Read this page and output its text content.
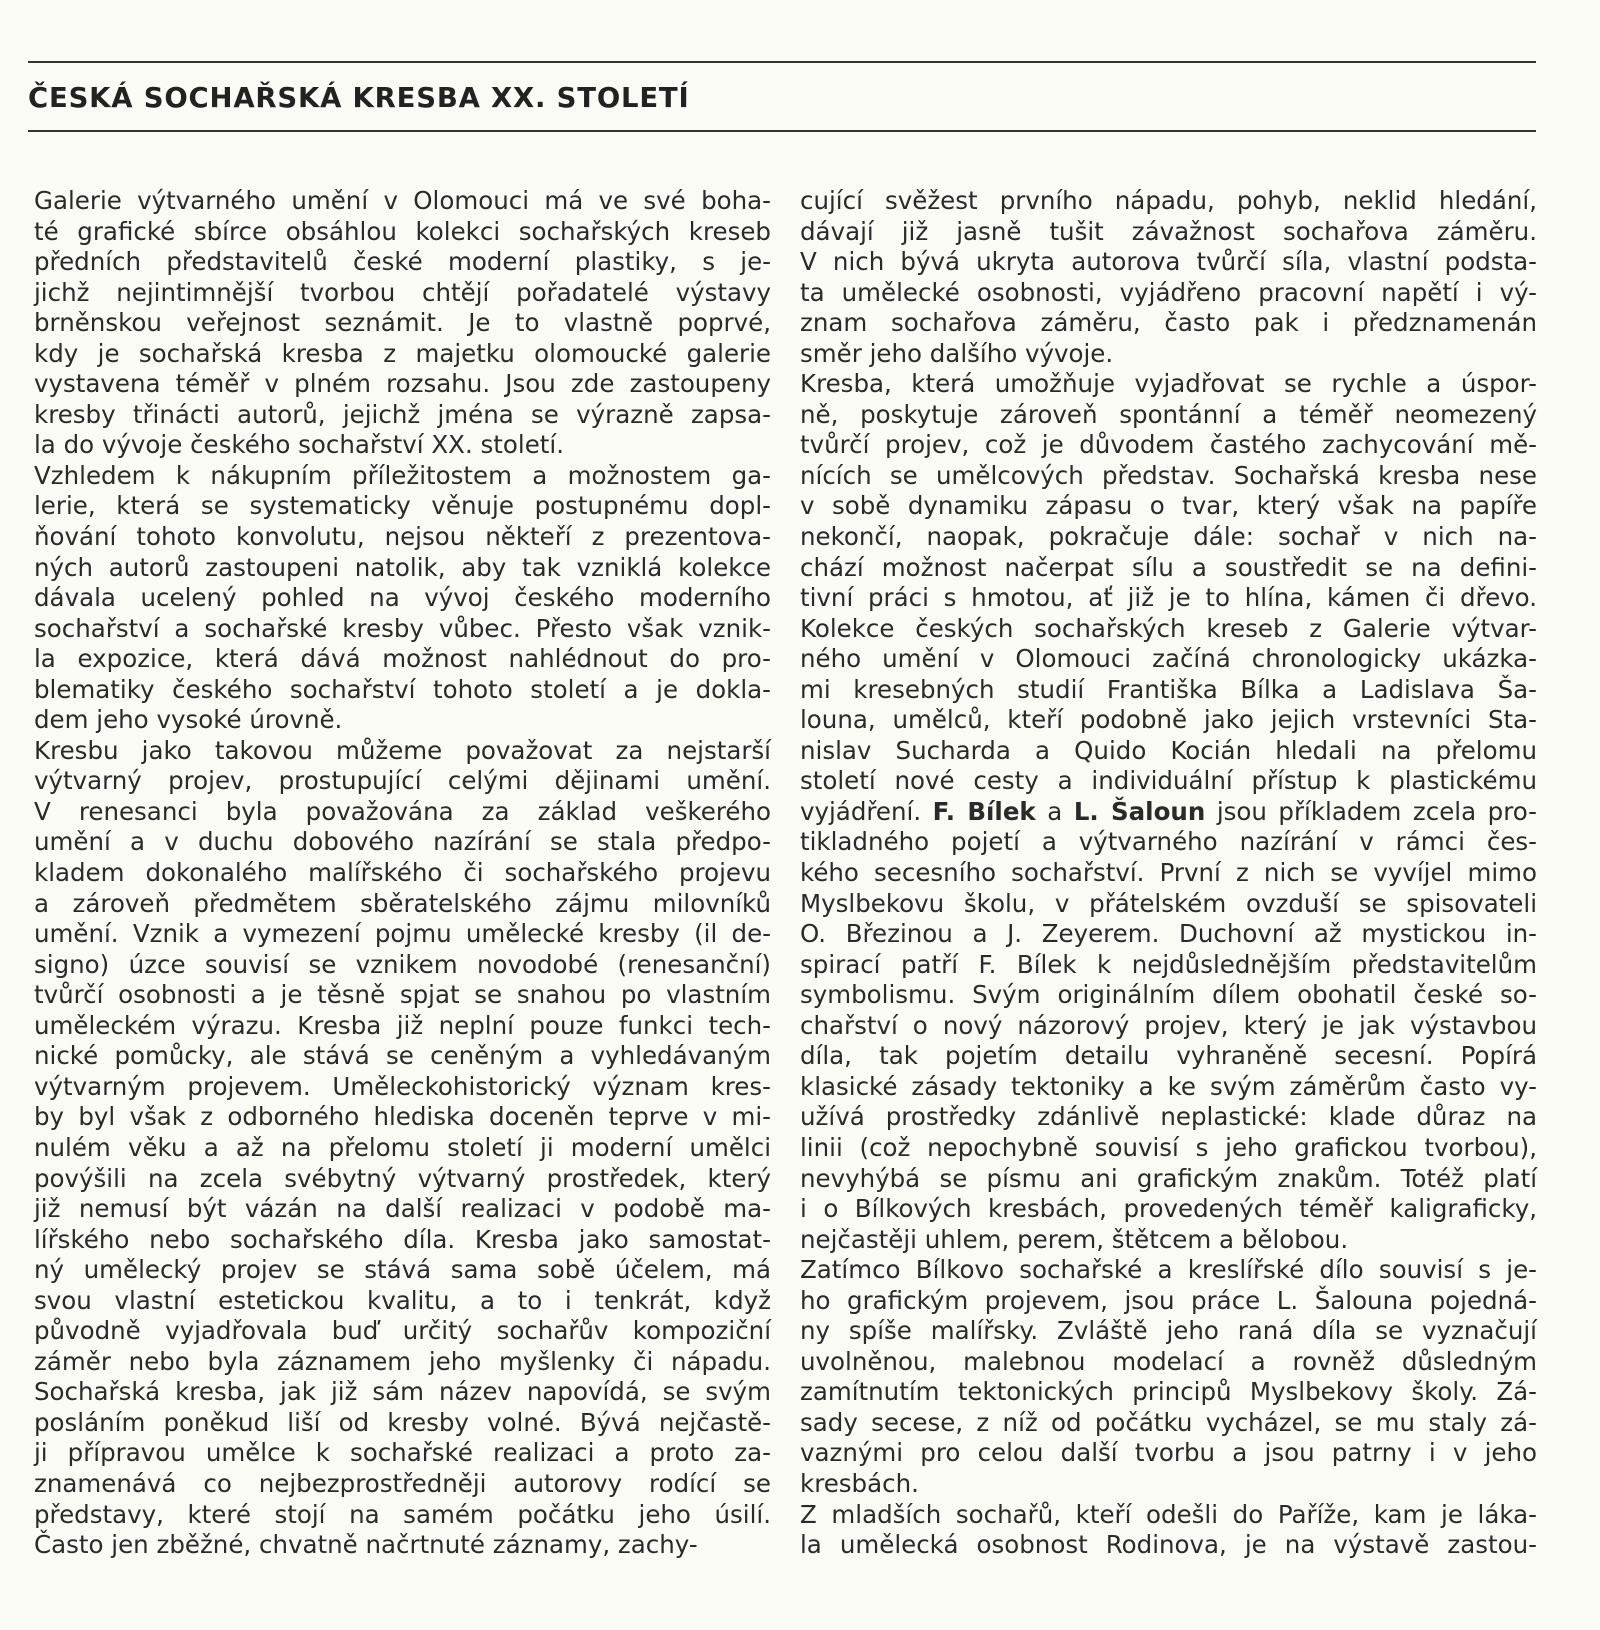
ČESKÁ SOCHAŘSKÁ KRESBA XX. STOLETÍ
Galerie výtvarného umění v Olomouci má ve své boha-
té grafické sbírce obsáhlou kolekci sochařských kreseb
předních představitelů české moderní plastiky, s je-
jichž nejintimnější tvorbou chtějí pořadatelé výstavy
brněnskou veřejnost seznámit. Je to vlastně poprvé,
kdy je sochařská kresba z majetku olomoucké galerie
vystavena téměř v plném rozsahu. Jsou zde zastoupeny
kresby třinácti autorů, jejichž jména se výrazně zapsa-
la do vývoje českého sochařství XX. století.
Vzhledem k nákupním příležitostem a možnostem ga-
lerie, která se systematicky věnuje postupnému dopl-
ňování tohoto konvolutu, nejsou někteří z prezentova-
ných autorů zastoupeni natolik, aby tak vzniklá kolekce
dávala ucelený pohled na vývoj českého moderního
sochařství a sochařské kresby vůbec. Přesto však vznik-
la expozice, která dává možnost nahlédnout do pro-
blematiky českého sochařství tohoto století a je dokla-
dem jeho vysoké úrovně.
Kresbu jako takovou můžeme považovat za nejstarší
výtvarný projev, prostupující celými dějinami umění.
V renesanci byla považována za základ veškerého
umění a v duchu dobového nazírání se stala předpo-
kladem dokonalého malířského či sochařského projevu
a zároveň předmětem sběratelského zájmu milovníků
umění. Vznik a vymezení pojmu umělecké kresby (il de-
signo) úzce souvisí se vznikem novodobé (renesanční)
tvůrčí osobnosti a je těsně spjat se snahou po vlastním
uměleckém výrazu. Kresba již neplní pouze funkci tech-
nické pomůcky, ale stává se ceněným a vyhledávaným
výtvarným projevem. Uměleckohistorický význam kres-
by byl však z odborného hlediska doceněn teprve v mi-
nulém věku a až na přelomu století ji moderní umělci
povýšili na zcela svébytný výtvarný prostředek, který
již nemusí být vázán na další realizaci v podobě ma-
lířského nebo sochařského díla. Kresba jako samostat-
ný umělecký projev se stává sama sobě účelem, má
svou vlastní estetickou kvalitu, a to i tenkrát, když
původně vyjadřovala buď určitý sochařův kompoziční
záměr nebo byla záznamem jeho myšlenky či nápadu.
Sochařská kresba, jak již sám název napovídá, se svým
posláním poněkud liší od kresby volné. Bývá nejčastě-
ji přípravou umělce k sochařské realizaci a proto za-
znamenává co nejbezprostředněji autorovy rodící se
představy, které stojí na samém počátku jeho úsilí.
Často jen zběžné, chvatně načrtnuté záznamy, zachy-
cující svěžest prvního nápadu, pohyb, neklid hledání,
dávají již jasně tušit závažnost sochařova záměru.
V nich bývá ukryta autorova tvůrčí síla, vlastní podsta-
ta umělecké osobnosti, vyjádřeno pracovní napětí i vý-
znam sochařova záměru, často pak i předznamenán
směr jeho dalšího vývoje.
Kresba, která umožňuje vyjadřovat se rychle a úspor-
ně, poskytuje zároveň spontánní a téměř neomezený
tvůrčí projev, což je důvodem častého zachycování mě-
nících se umělcových představ. Sochařská kresba nese
v sobě dynamiku zápasu o tvar, který však na papíře
nekončí, naopak, pokračuje dále: sochař v nich na-
chází možnost načerpat sílu a soustředit se na defini-
tivní práci s hmotou, ať již je to hlína, kámen či dřevo.
Kolekce českých sochařských kreseb z Galerie výtvar-
ného umění v Olomouci začíná chronologicky ukázka-
mi kresebných studií Františka Bílka a Ladislava Ša-
louna, umělců, kteří podobně jako jejich vrstevníci Sta-
nislav Sucharda a Quido Kocián hledali na přelomu
století nové cesty a individuální přístup k plastickému
vyjádření. F. Bílek a L. Šaloun jsou příkladem zcela pro-
tikladného pojetí a výtvarného nazírání v rámci čes-
kého secesního sochařství. První z nich se vyvíjel mimo
Myslbekovu školu, v přátelském ovzduší se spisovateli
O. Březinou a J. Zeyerem. Duchovní až mystickou in-
spirací patří F. Bílek k nejdůslednějším představitelům
symbolismu. Svým originálním dílem obohatil české so-
chařství o nový názorový projev, který je jak výstavbou
díla, tak pojetím detailu vyhraněně secesní. Popírá
klasické zásady tektoniky a ke svým záměrům často vy-
užívá prostředky zdánlivě neplastické: klade důraz na
linii (což nepochybně souvisí s jeho grafickou tvorbou),
nevyhýbá se písmu ani grafickým znakům. Totéž platí
i o Bílkových kresbách, provedených téměř kaligraficky,
nejčastěji uhlem, perem, štětcem a bělobou.
Zatímco Bílkovo sochařské a kreslířské dílo souvisí s je-
ho grafickým projevem, jsou práce L. Šalouna pojedná-
ny spíše malířsky. Zvláště jeho raná díla se vyznačují
uvolněnou, malebnou modelací a rovněž důsledným
zamítnutím tektonických principů Myslbekovy školy. Zá-
sady secese, z níž od počátku vycházel, se mu staly zá-
vaznými pro celou další tvorbu a jsou patrny i v jeho
kresbách.
Z mladších sochařů, kteří odešli do Paříže, kam je láka-
la umělecká osobnost Rodinova, je na výstavě zastou-
